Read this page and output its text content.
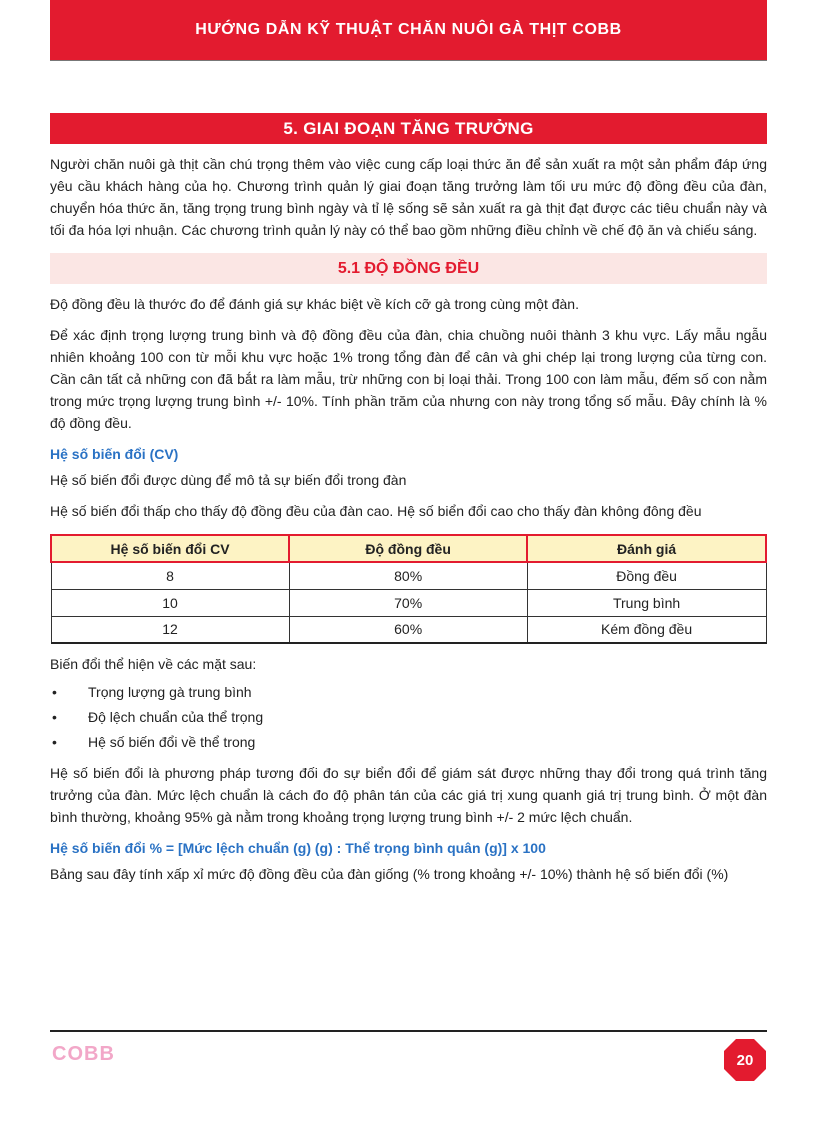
HƯỚNG DẪN KỸ THUẬT CHĂN NUÔI GÀ THỊT COBB
5. GIAI ĐOẠN TĂNG TRƯỞNG

Người chăn nuôi gà thịt cần chú trọng thêm vào việc cung cấp loại thức ăn để sản xuất ra một sản phẩm đáp ứng yêu cầu khách hàng của họ. Chương trình quản lý giai đoạn tăng trưởng làm tối ưu mức độ đồng đều của đàn, chuyển hóa thức ăn, tăng trọng trung bình ngày và tỉ lệ sống sẽ sản xuất ra gà thịt đạt được các tiêu chuẩn này và tối đa hóa lợi nhuận. Các chương trình quản lý này có thể bao gồm những điều chỉnh về chế độ ăn và chiếu sáng.

5.1 ĐỘ ĐỒNG ĐỀU

Độ đồng đều là thước đo để đánh giá sự khác biệt về kích cỡ gà trong cùng một đàn.

Để xác định trọng lượng trung bình và độ đồng đều của đàn, chia chuồng nuôi thành 3 khu vực. Lấy mẫu ngẫu nhiên khoảng 100 con từ mỗi khu vực hoặc 1% trong tổng đàn để cân và ghi chép lại trong lượng của từng con. Cần cân tất cả những con đã bắt ra làm mẫu, trừ những con bị loại thải. Trong 100 con làm mẫu, đếm số con nằm trong mức trọng lượng trung bình +/- 10%. Tính phần trăm của nhưng con này trong tổng số mẫu. Đây chính là % độ đồng đều.

Hệ số biến đổi (CV)

Hệ số biến đổi được dùng để mô tả sự biến đổi trong đàn

Hệ số biến đổi thấp cho thấy độ đồng đều của đàn cao. Hệ số biển đổi cao cho thấy đàn không đông đều

Hệ số biến đổi CV	Độ đồng đều	Đánh giá
8	80%	Đồng đều
10	70%	Trung bình
12	60%	Kém đồng đều

Biến đổi thể hiện về các mặt sau:

•	Trọng lượng gà trung bình
•	Độ lệch chuẩn của thể trọng
•	Hệ số biến đổi về thể trong

Hệ số biến đổi là phương pháp tương đối đo sự biển đổi để giám sát được những thay đổi trong quá trình tăng trưởng của đàn. Mức lệch chuẩn là cách đo độ phân tán của các giá trị xung quanh giá trị trung bình. Ở một đàn bình thường, khoảng 95% gà nằm trong khoảng trọng lượng trung bình +/- 2 mức lệch chuẩn.

Hệ số biến đổi % = [Mức lệch chuẩn (g) (g) : Thể trọng bình quân (g)] x 100

Bảng sau đây tính xấp xỉ mức độ đồng đều của đàn giống (% trong khoảng +/- 10%) thành hệ số biến đổi (%)

COBB	20
